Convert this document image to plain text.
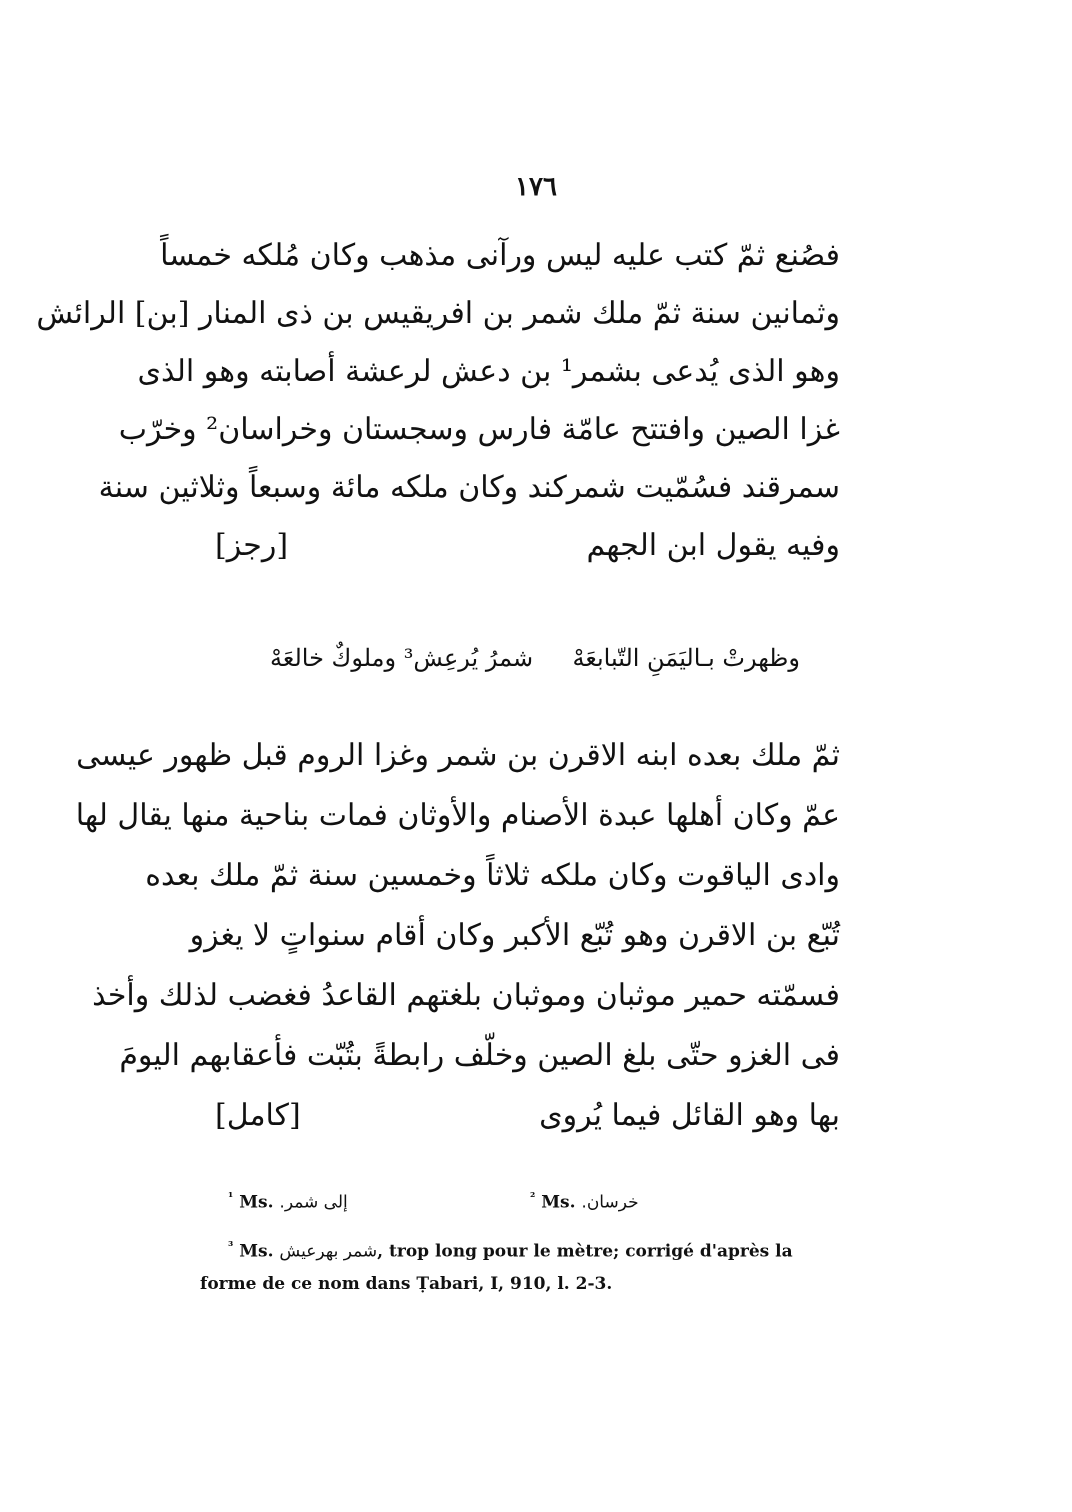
١٧٦
فصُنع ثمّ كتب عليه ليس ورآنى مذهب وكان مُلكه خمساً
وثمانين سنة ثمّ ملك شمر بن افريقيس بن ذى المنار [بن] الرائش
وهو الذى يُدعى بشمر¹ بن دعش لرعشة أصابته وهو الذى
غزا الصين وافتتح عامّة فارس وسجستان وخراسان² وخرّب
سمرقند فسُمّيت شمركند وكان ملكه مائة وسبعاً وثلاثين سنة
وفيه يقول ابن الجهم
[رجز]
وظهرتْ بـاليَمَنِ التّبابعَهْ
شمرُ يُرعِش³ وملوكٌ خالعَهْ
ثمّ ملك بعده ابنه الاقرن بن شمر وغزا الروم قبل ظهور عيسى
عمّ وكان أهلها عبدة الأصنام والأوثان فمات بناحية منها يقال لها
وادى الياقوت وكان ملكه ثلاثاً وخمسين سنة ثمّ ملك بعده
تُبّع بن الاقرن وهو تُبّع الأكبر وكان أقام سنواتٍ لا يغزو
فسمّته حمير موثبان وموثبان بلغتهم القاعدُ فغضب لذلك وأخذ
فى الغزو حتّى بلغ الصين وخلّف رابطةً بتُبّت فأعقابهم اليومَ
بها وهو القائل فيما يُروى
[كامل]
$^{^1}$ Ms. إلى شمر.	$^{^2}$ Ms. خرسان.
$^{^3}$ Ms. شمر بهرعيش, trop long pour le mètre; corrigé d'après la forme de ce nom dans Ṭabari, I, 910, l. 2-3.
